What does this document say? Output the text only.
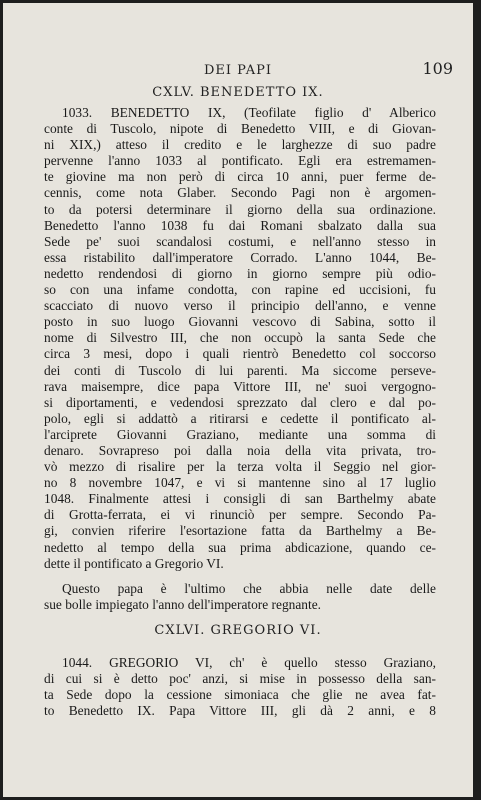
DEI PAPI	109
CXLV. BENEDETTO IX.
1033. BENEDETTO IX, (Teofilate figlio d' Alberico
conte di Tuscolo, nipote di Benedetto VIII, e di Giovan-
ni XIX,) atteso il credito e le larghezze di suo padre
pervenne l'anno 1033 al pontificato. Egli era estremamen-
te giovine ma non però di circa 10 anni, puer ferme de-
cennis, come nota Glaber. Secondo Pagi non è argomen-
to da potersi determinare il giorno della sua ordinazione.
Benedetto l'anno 1038 fu dai Romani sbalzato dalla sua
Sede pe' suoi scandalosi costumi, e nell'anno stesso in
essa ristabilito dall'imperatore Corrado. L'anno 1044, Be-
nedetto rendendosi di giorno in giorno sempre più odio-
so con una infame condotta, con rapine ed uccisioni, fu
scacciato di nuovo verso il principio dell'anno, e venne
posto in suo luogo Giovanni vescovo di Sabina, sotto il
nome di Silvestro III, che non occupò la santa Sede che
circa 3 mesi, dopo i quali rientrò Benedetto col soccorso
dei conti di Tuscolo di lui parenti. Ma siccome perseve-
rava maisempre, dice papa Vittore III, ne' suoi vergogno-
si diportamenti, e vedendosi sprezzato dal clero e dal po-
polo, egli si addattò a ritirarsi e cedette il pontificato al-
l'arciprete Giovanni Graziano, mediante una somma di
denaro. Sovrapreso poi dalla noia della vita privata, tro-
vò mezzo di risalire per la terza volta il Seggio nel gior-
no 8 novembre 1047, e vi si mantenne sino al 17 luglio
1048. Finalmente attesi i consigli di san Barthelmy abate
di Grotta-ferrata, ei vi rinunciò per sempre. Secondo Pa-
gi, convien riferire l'esortazione fatta da Barthelmy a Be-
nedetto al tempo della sua prima abdicazione, quando ce-
dette il pontificato a Gregorio VI.
Questo papa è l'ultimo che abbia nelle date delle
sue bolle impiegato l'anno dell'imperatore regnante.
CXLVI. GREGORIO VI.
1044. GREGORIO VI, ch' è quello stesso Graziano,
di cui si è detto poc' anzi, si mise in possesso della san-
ta Sede dopo la cessione simoniaca che glie ne avea fat-
to Benedetto IX. Papa Vittore III, gli dà 2 anni, e 8
